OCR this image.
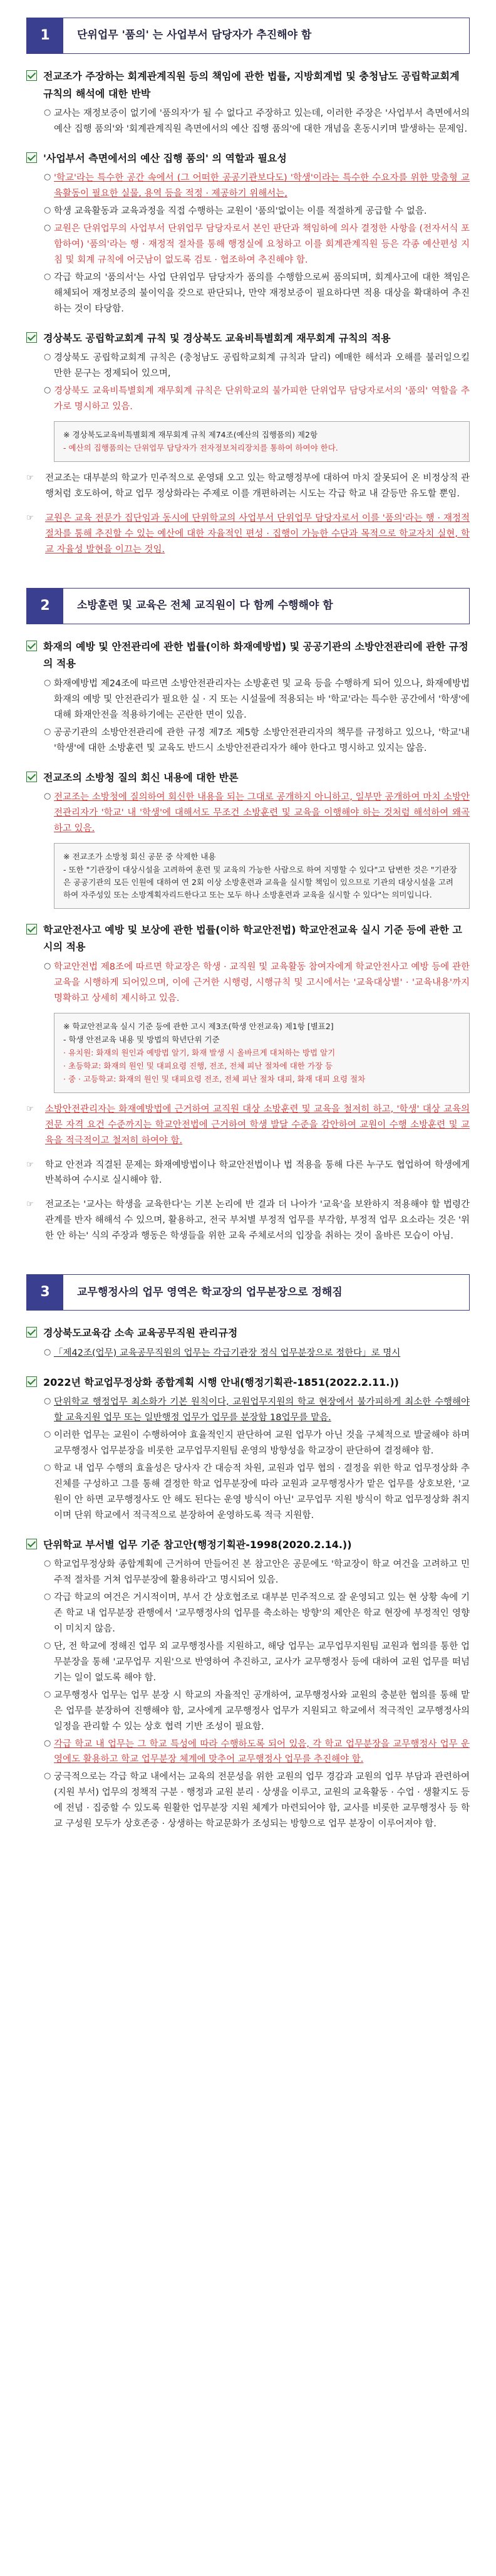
1	단위업무 '품의' 는 사업부서 담당자가 추진해야 함
전교조가 주장하는 회계관계직원 등의 책임에 관한 법률, 지방회계법 및 충청남도 공립학교회계 규칙의 해석에 대한 반박
○ 교사는 재정보증이 없기에 '품의자'가 될 수 없다고 주장하고 있는데, 이러한 주장은 '사업부서 측면에서의 예산 집행 품의'와 '회계관계직원 측면에서의 예산 집행 품의'에 대한 개념을 혼동시키며 발생하는 문제임.
'사업부서 측면에서의 예산 집행 품의' 의 역할과 필요성
○ '학교'라는 특수한 공간 속에서 (그 어떠한 공공기관보다도) '학생'이라는 특수한 수요자를 위한 맞춤형 교육활동이 필요한 실물, 용역 등을 적정 · 제공하기 위해서는,
○ 학생 교육활동과 교육과정을 직접 수행하는 교원이 '품의'없이는 이를 적절하게 공급할 수 없음.
○ 교원은 단위업무의 사업부서 단위업무 담당자로서 본인 판단과 책임하에 의사 결정한 사항을 (전자서식 포함하여) '품의'라는 행 · 재정적 절차를 통해 행정실에 요청하고 이를 회계관계직원 등은 각종 예산편성 지침 및 회계 규칙에 어긋남이 없도록 검토 · 협조하여 추진해야 함.
○ 각급 학교의 '품의서'는 사업 단위업무 담당자가 품의를 수행함으로써 품의되며, 회계사고에 대한 책임은 해체되어 재정보증의 불이익을 갖으로 판단되나, 만약 재정보증이 필요하다면 적용 대상을 확대하여 추진하는 것이 타당함.
경상북도 공립학교회계 규칙 및 경상북도 교육비특별회계 재무회계 규칙의 적용
○ 경상북도 공립학교회계 규칙은 (충청남도 공립학교회계 규칙과 달리) 예매한 해석과 오해를 불러일으킬 만한 문구는 정제되어 있으며,
○ 경상북도 교육비특별회계 재무회계 규칙은 단위학교의 불가피한 단위업무 담당자로서의 '품의' 역할을 추가로 명시하고 있음.

※ 경상북도교육비특별회계 재무회계 규칙 제74조(예산의 집행품의) 제2항

- 예산의 집행품의는 단위업무 담당자가 전자정보처리장치를 통하여 하여야 한다.

☞	전교조는 대부분의 학교가 민주적으로 운영돼 오고 있는 학교행정부에 대하여 마치 잘못되어 온 비정상적 관행처럼 호도하여, 학교 업무 정상화라는 주제로 이를 개편하려는 시도는 각급 학교 내 갈등만 유도할 뿐임.
☞	교원은 교육 전문가 집단임과 동시에 단위학교의 사업부서 단위업무 담당자로서 이를 '품의'라는 행 · 재정적 절차를 통해 추진할 수 있는 예산에 대한 자율적인 편성 · 집행이 가능한 수단과 목적으로 학교자치 실현, 학교 자율성 발현을 이끄는 것임.
2	소방훈련 및 교육은 전체 교직원이 다 함께 수행해야 함
화재의 예방 및 안전관리에 관한 법률(이하 화재예방법) 및 공공기관의 소방안전관리에 관한 규정의 적용
○ 화재예방법 제24조에 따르면 소방안전관리자는 소방훈련 및 교육 등을 수행하게 되어 있으나, 화재예방법 화재의 예방 및 안전관리가 필요한 실 · 지 또는 시설물에 적용되는 바 '학교'라는 특수한 공간에서 '학생'에 대해 화재안전을 적용하기에는 곤란한 면이 있음.
○ 공공기관의 소방안전관리에 관한 규정 제7조 제5항 소방안전관리자의 책무를 규정하고 있으나, '학교'내 '학생'에 대한 소방훈련 및 교육도 반드시 소방안전관리자가 해야 한다고 명시하고 있지는 않음.
전교조의 소방청 질의 회신 내용에 대한 반론
○ 전교조는 소방청에 질의하여 회신한 내용을 되는 그대로 공개하지 아니하고, 일부만 공개하여 마치 소방안전관리자가 '학교' 내 '학생'에 대해서도 무조건 소방훈련 및 교육을 이행해야 하는 것처럼 해석하여 왜곡하고 있음.

※ 전교조가 소방청 회신 공문 중 삭제한 내용

- 또한 "기관장이 대상시설을 고려하여 훈련 및 교육의 가능한 사람으로 하여 지명할 수 있다"고 답변한 것은 "기관장은 공공기관의 모든 인원에 대하여 연 2회 이상 소방훈련과 교육을 실시할 책임이 있으므로 기관의 대상시설을 고려하여 자주성있 또는 소방계획자리드한다고 또는 모두 하나 소방훈련과 교육을 실시할 수 있다"는 의미입니다.

학교안전사고 예방 및 보상에 관한 법률(이하 학교안전법) 학교안전교육 실시 기준 등에 관한 고시의 적용
○ 학교안전법 제8조에 따르면 학교장은 학생 · 교직원 및 교육활동 참여자에게 학교안전사고 예방 등에 관한 교육을 시행하게 되어있으며, 이에 근거한 시행령, 시행규칙 및 고시에서는 '교육대상별' · '교육내용'까지 명확하고 상세히 제시하고 있음.

※ 학교안전교육 실시 기준 등에 관한 고시 제3조(학생 안전교육) 제1항 [별표2]

- 학생 안전교육 내용 및 방법의 학년단위 기준

· 유치원: 화재의 원인과 예방법 알기, 화재 발생 시 올바르게 대처하는 방법 알기

· 초등학교: 화재의 원인 및 대피요령 진행, 전조, 전체 피난 절차에 대한 가장 등

· 중 · 고등학교: 화재의 원인 및 대피요령 전조, 전체 피난 절차 대피, 화재 대피 요령 절차

☞	소방안전관리자는 화재예방법에 근거하여 교직원 대상 소방훈련 및 교육을 철저히 하고, '학생' 대상 교육의 전문 자격 요건 수준까지는 학교안전법에 근거하여 학생 발달 수준을 감안하여 교원이 수행 소방훈련 및 교육을 적극적이고 철저히 하여야 함.
☞	학교 안전과 직결된 문제는 화재예방법이나 학교안전법이나 법 적용을 통해 다른 누구도 협업하여 학생에게 반복하여 수시로 실시해야 함.
☞	전교조는 '교사는 학생을 교육한다'는 기본 논리에 반 결과 더 나아가 '교육'을 보완하지 적용해야 할 법령간 관계를 반자 해해석 수 있으며, 활용하고, 전국 부처별 부정적 업무를 부각함, 부정적 업무 요소라는 것은 '위한 안 하는' 식의 주장과 행동은 학생들을 위한 교육 주체로서의 입장을 취하는 것이 올바른 모습이 아님.
3	교무행정사의 업무 영역은 학교장의 업무분장으로 정해짐
경상북도교육감 소속 교육공무직원 관리규정
○ 「제42조(업무) 교육공무직원의 업무는 각급기관장 정식 업무분장으로 정한다」로 명시
2022년 학교업무정상화 종합계획 시행 안내(행정기획관-1851(2022.2.11.))
○ 단위학교 행정업무 최소화가 기본 원칙이다, 교원업무지원의 학교 현장에서 불가피하게 최소한 수행해야 할 교육지원 업무 또는 일반행정 업무가 업무를 분장함 18업무를 맡음.
○ 이러한 업무는 교원이 수행하여야 효율적인지 판단하여 교원 업무가 아닌 것을 구체적으로 발굴해야 하며 교무행정사 업무분장을 비롯한 교무업무지원팀 운영의 방향성을 학교장이 판단하여 결정해야 함.
○ 학교 내 업무 수행의 효율성은 당사자 간 대승적 차원, 교원과 업무 협의 · 결정을 위한 학교 업무정상화 추진체를 구성하고 그를 통해 결정한 학교 업무분장에 따라 교원과 교무행정사가 맡은 업무를 상호보완, '교원이 안 하면 교무행정사도 안 해도 된다는 운영 방식이 아닌' 교무업무 지원 방식이 학교 업무정상화 취지이며 단위 학교에서 적극적으로 분장하여 운영하도록 적극 지원함.
단위학교 부서별 업무 기준 참고안(행정기획관-1998(2020.2.14.))
○ 학교업무정상화 종합계획에 근거하여 만들어진 본 참고안은 공문에도 '학교장이 학교 여건을 고려하고 민주적 절차를 거쳐 업무분장에 활용하라'고 명시되어 있음.
○ 각급 학교의 여건은 거시적이며, 부서 간 상호협조로 대부분 민주적으로 잘 운영되고 있는 현 상황 속에 기존 학교 내 업무분장 관행에서 '교무행정사의 업무를 축소하는 방향'의 제안은 학교 현장에 부정적인 영향이 미치지 않음.
○ 단, 전 학교에 정해진 업무 외 교무행정사를 지원하고, 해당 업무는 교무업무지원팀 교원과 협의를 통한 업무분장을 통해 '교무업무 지원'으로 반영하여 추진하고, 교사가 교무행정사 등에 대하여 교원 업무를 떠넘기는 일이 없도록 해야 함.
○ 교무행정사 업무는 업무 분장 시 학교의 자율적인 공개하여, 교무행정사와 교원의 충분한 협의를 통해 맡은 업무를 분장하여 진행해야 함, 교사에게 교무행정사 업무가 지원되고 학교에서 적극적인 교무행정사의 일정을 관리할 수 있는 상호 협력 기반 조성이 필요함.
○ 각급 학교 내 업무는 그 학교 특성에 따라 수행하도록 되어 있음, 각 학교 업무분장을 교무행정사 업무 운영에도 활용하고 학교 업무분장 체계에 맞추어 교무행정사 업무를 추진해야 함.
○ 궁극적으로는 각급 학교 내에서는 교육의 전문성을 위한 교원의 업무 경감과 교원의 업무 부담과 관련하여 (지원 부서) 업무의 정책적 구분 · 행정과 교원 분리 · 상생을 이루고, 교원의 교육활동 · 수업 · 생활지도 등에 전념 · 집중할 수 있도록 원활한 업무분장 지원 체계가 마련되어야 함, 교사를 비롯한 교무행정사 등 학교 구성원 모두가 상호존중 · 상생하는 학교문화가 조성되는 방향으로 업무 분장이 이루어져야 함.
